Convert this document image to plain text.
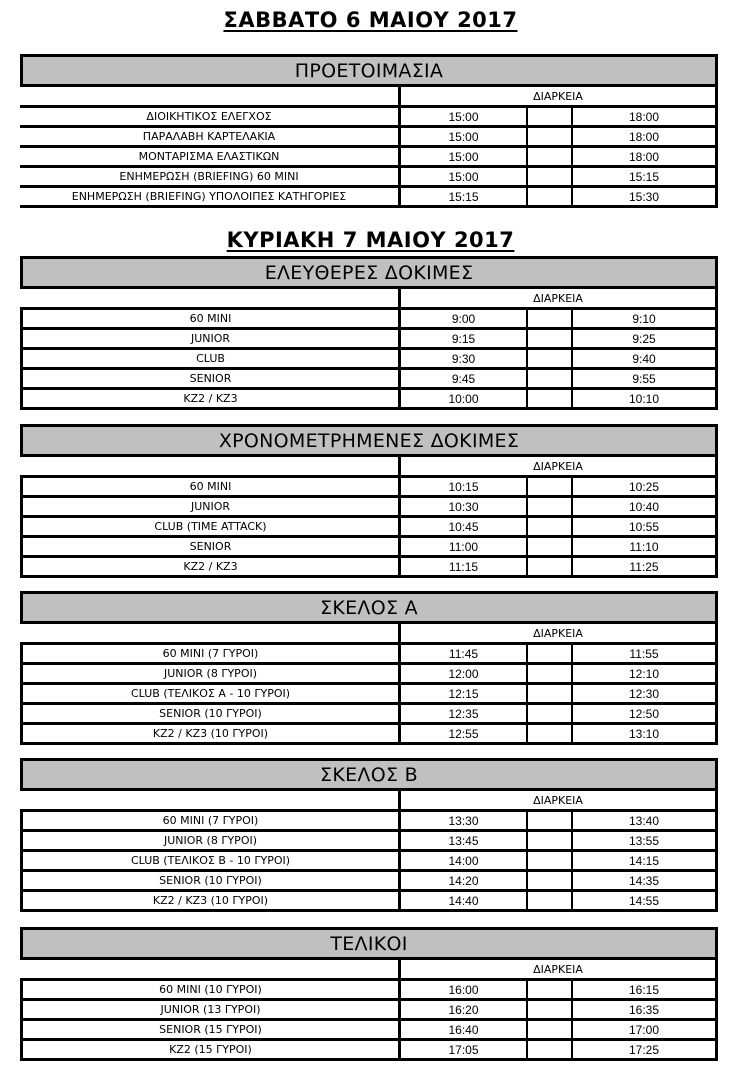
ΣΑΒΒΑΤΟ 6 ΜΑΙΟΥ 2017
ΠΡΟΕΤΟΙΜΑΣΙΑ
ΔΙΑΡΚΕΙΑ
ΔΙΟΙΚΗΤΙΚΟΣ ΕΛΕΓΧΟΣ	15:00	18:00
ΠΑΡΑΛΑΒΗ ΚΑΡΤΕΛΑΚΙΑ	15:00	18:00
ΜΟΝΤΑΡΙΣΜΑ ΕΛΑΣΤΙΚΩΝ	15:00	18:00
ΕΝΗΜΕΡΩΣΗ (BRIEFING) 60 MINI	15:00	15:15
ΕΝΗΜΕΡΩΣΗ (BRIEFING) ΥΠΟΛΟΙΠΕΣ ΚΑΤΗΓΟΡΙΕΣ	15:15	15:30
ΚΥΡΙΑΚΗ 7 ΜΑΙΟΥ 2017
ΕΛΕΥΘΕΡΕΣ ΔΟΚΙΜΕΣ
ΔΙΑΡΚΕΙΑ
60 MINI	9:00	9:10
JUNIOR	9:15	9:25
CLUB	9:30	9:40
SENIOR	9:45	9:55
KZ2 / KZ3	10:00	10:10
ΧΡΟΝΟΜΕΤΡΗΜΕΝΕΣ ΔΟΚΙΜΕΣ
ΔΙΑΡΚΕΙΑ
60 MINI	10:15	10:25
JUNIOR	10:30	10:40
CLUB (TIME ATTACK)	10:45	10:55
SENIOR	11:00	11:10
KZ2 / KZ3	11:15	11:25
ΣΚΕΛΟΣ Α
ΔΙΑΡΚΕΙΑ
60 MINI (7 ΓΥΡΟΙ)	11:45	11:55
JUNIOR (8 ΓΥΡΟΙ)	12:00	12:10
CLUB (ΤΕΛΙΚΟΣ Α - 10 ΓΥΡΟΙ)	12:15	12:30
SENIOR (10 ΓΥΡΟΙ)	12:35	12:50
KZ2 / KZ3 (10 ΓΥΡΟΙ)	12:55	13:10
ΣΚΕΛΟΣ Β
ΔΙΑΡΚΕΙΑ
60 MINI (7 ΓΥΡΟΙ)	13:30	13:40
JUNIOR (8 ΓΥΡΟΙ)	13:45	13:55
CLUB (ΤΕΛΙΚΟΣ Β - 10 ΓΥΡΟΙ)	14:00	14:15
SENIOR (10 ΓΥΡΟΙ)	14:20	14:35
KZ2 / KZ3 (10 ΓΥΡΟΙ)	14:40	14:55
ΤΕΛΙΚΟΙ
ΔΙΑΡΚΕΙΑ
60 MINI (10 ΓΥΡΟΙ)	16:00	16:15
JUNIOR (13 ΓΥΡΟΙ)	16:20	16:35
SENIOR (15 ΓΥΡΟΙ)	16:40	17:00
KZ2 (15 ΓΥΡΟΙ)	17:05	17:25
